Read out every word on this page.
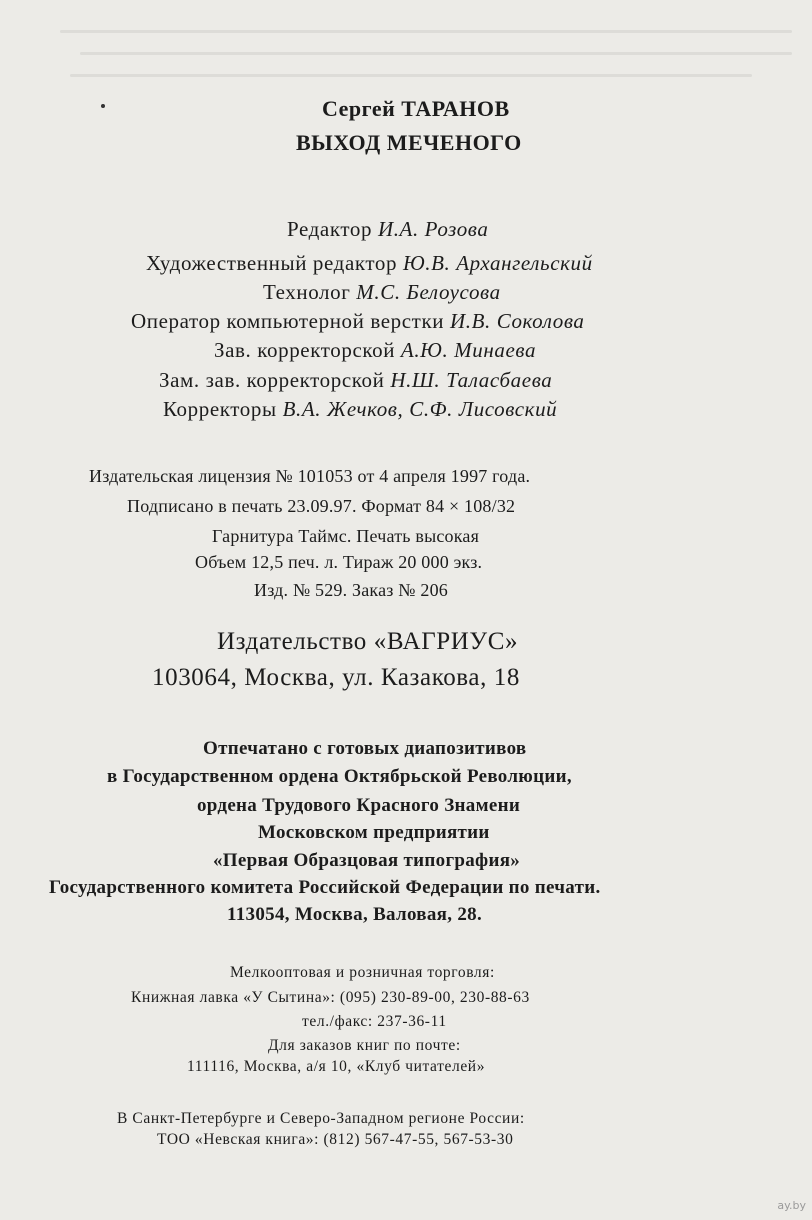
Сергей ТАРАНОВ
ВЫХОД МЕЧЕНОГО
Редактор И.А. Розова
Художественный редактор Ю.В. Архангельский
Технолог М.С. Белоусова
Оператор компьютерной верстки И.В. Соколова
Зав. корректорской А.Ю. Минаева
Зам. зав. корректорской Н.Ш. Таласбаева
Корректоры В.А. Жечков, С.Ф. Лисовский
Издательская лицензия № 101053 от 4 апреля 1997 года.
Подписано в печать 23.09.97. Формат 84 × 108/32
Гарнитура Таймс. Печать высокая
Объем 12,5 печ. л. Тираж 20 000 экз.
Изд. № 529. Заказ № 206
Издательство «ВАГРИУС»
103064, Москва, ул. Казакова, 18
Отпечатано с готовых диапозитивов
в Государственном ордена Октябрьской Революции,
ордена Трудового Красного Знамени
Московском предприятии
«Первая Образцовая типография»
Государственного комитета Российской Федерации по печати.
113054, Москва, Валовая, 28.
Мелкооптовая и розничная торговля:
Книжная лавка «У Сытина»: (095) 230-89-00, 230-88-63
тел./факс: 237-36-11
Для заказов книг по почте:
111116, Москва, а/я 10, «Клуб читателей»
В Санкт-Петербурге и Северо-Западном регионе России:
ТОО «Невская книга»: (812) 567-47-55, 567-53-30
ay.by
